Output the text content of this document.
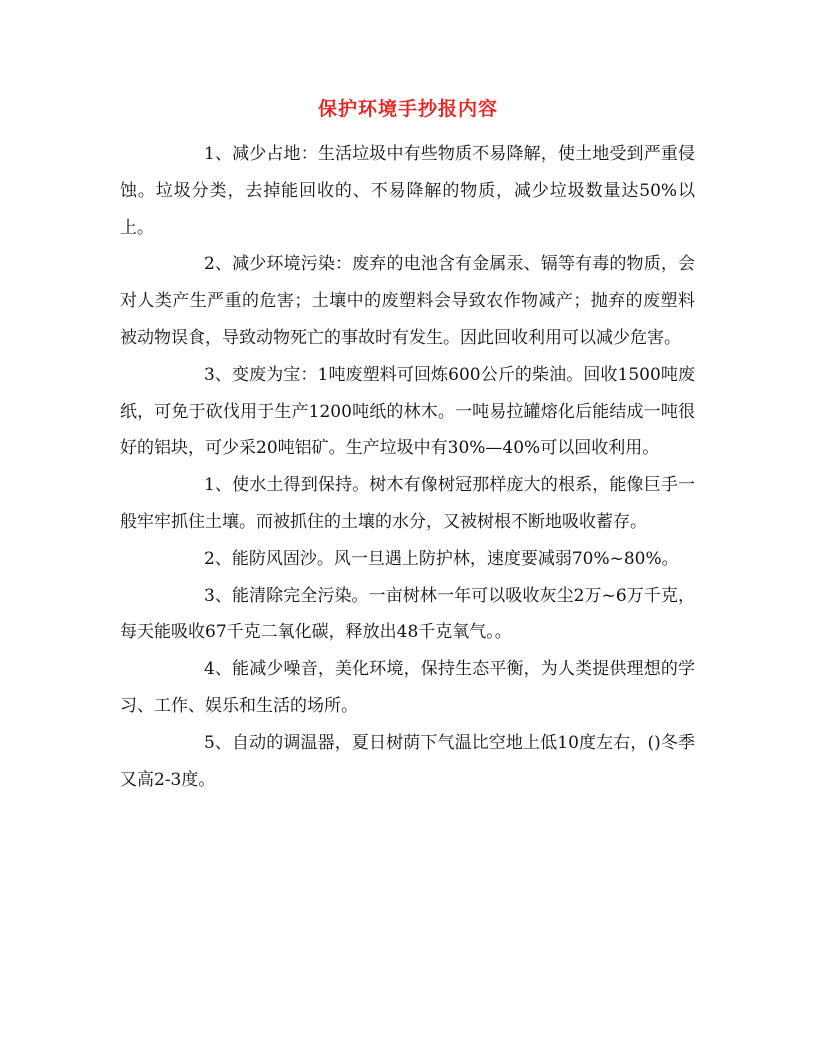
保护环境手抄报内容

1、减少占地：生活垃圾中有些物质不易降解，使土地受到严重侵蚀。垃圾分类，去掉能回收的、不易降解的物质，减少垃圾数量达50%以上。

2、减少环境污染：废弃的电池含有金属汞、镉等有毒的物质，会对人类产生严重的危害；土壤中的废塑料会导致农作物减产；抛弃的废塑料被动物误食，导致动物死亡的事故时有发生。因此回收利用可以减少危害。

3、变废为宝：1吨废塑料可回炼600公斤的柴油。回收1500吨废纸，可免于砍伐用于生产1200吨纸的林木。一吨易拉罐熔化后能结成一吨很好的铝块，可少采20吨铝矿。生产垃圾中有30%—40%可以回收利用。

1、使水土得到保持。树木有像树冠那样庞大的根系，能像巨手一般牢牢抓住土壤。而被抓住的土壤的水分，又被树根不断地吸收蓄存。

2、能防风固沙。风一旦遇上防护林，速度要减弱70%~80%。

3、能清除完全污染。一亩树林一年可以吸收灰尘2万~6万千克，每天能吸收67千克二氧化碳，释放出48千克氧气。。

4、能减少噪音，美化环境，保持生态平衡，为人类提供理想的学习、工作、娱乐和生活的场所。

5、自动的调温器，夏日树荫下气温比空地上低10度左右，()冬季又高2-3度。
